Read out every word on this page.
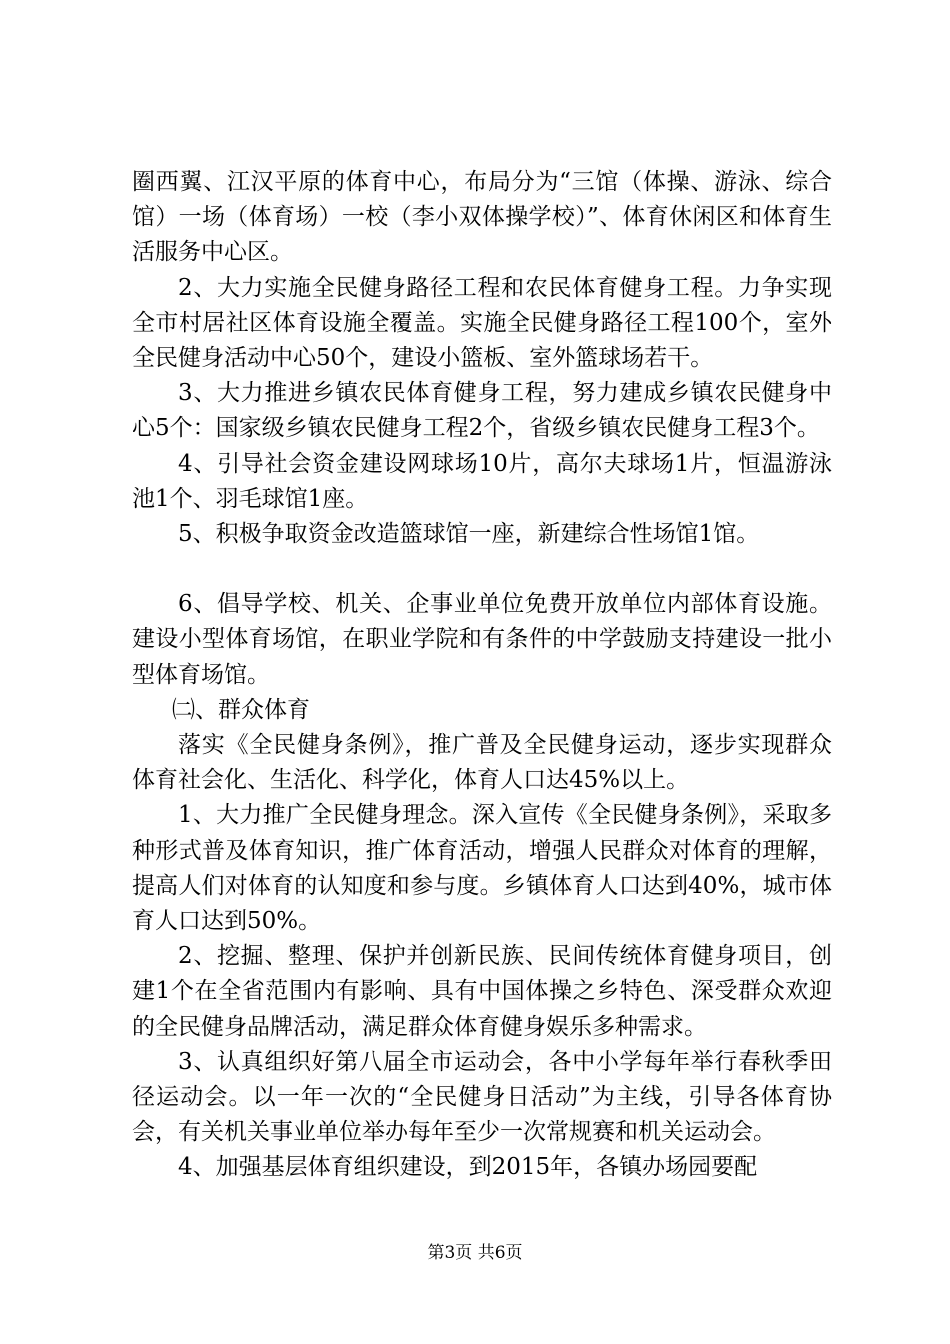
圈西翼、江汉平原的体育中心，布局分为“三馆（体操、游泳、综合馆）一场（体育场）一校（李小双体操学校）”、体育休闲区和体育生活服务中心区。

2、大力实施全民健身路径工程和农民体育健身工程。力争实现全市村居社区体育设施全覆盖。实施全民健身路径工程100个，室外全民健身活动中心50个，建设小篮板、室外篮球场若干。

3、大力推进乡镇农民体育健身工程，努力建成乡镇农民健身中心5个：国家级乡镇农民健身工程2个，省级乡镇农民健身工程3个。

4、引导社会资金建设网球场10片，高尔夫球场1片，恒温游泳池1个、羽毛球馆1座。

5、积极争取资金改造篮球馆一座，新建综合性场馆1馆。

6、倡导学校、机关、企事业单位免费开放单位内部体育设施。建设小型体育场馆，在职业学院和有条件的中学鼓励支持建设一批小型体育场馆。

㈡、群众体育

落实《全民健身条例》，推广普及全民健身运动，逐步实现群众体育社会化、生活化、科学化，体育人口达45%以上。

1、大力推广全民健身理念。深入宣传《全民健身条例》，采取多种形式普及体育知识，推广体育活动，增强人民群众对体育的理解，提高人们对体育的认知度和参与度。乡镇体育人口达到40%，城市体育人口达到50%。

2、挖掘、整理、保护并创新民族、民间传统体育健身项目，创建1个在全省范围内有影响、具有中国体操之乡特色、深受群众欢迎的全民健身品牌活动，满足群众体育健身娱乐多种需求。

3、认真组织好第八届全市运动会，各中小学每年举行春秋季田径运动会。以一年一次的“全民健身日活动”为主线，引导各体育协会，有关机关事业单位举办每年至少一次常规赛和机关运动会。

4、加强基层体育组织建设，到2015年，各镇办场园要配

第3页 共6页
